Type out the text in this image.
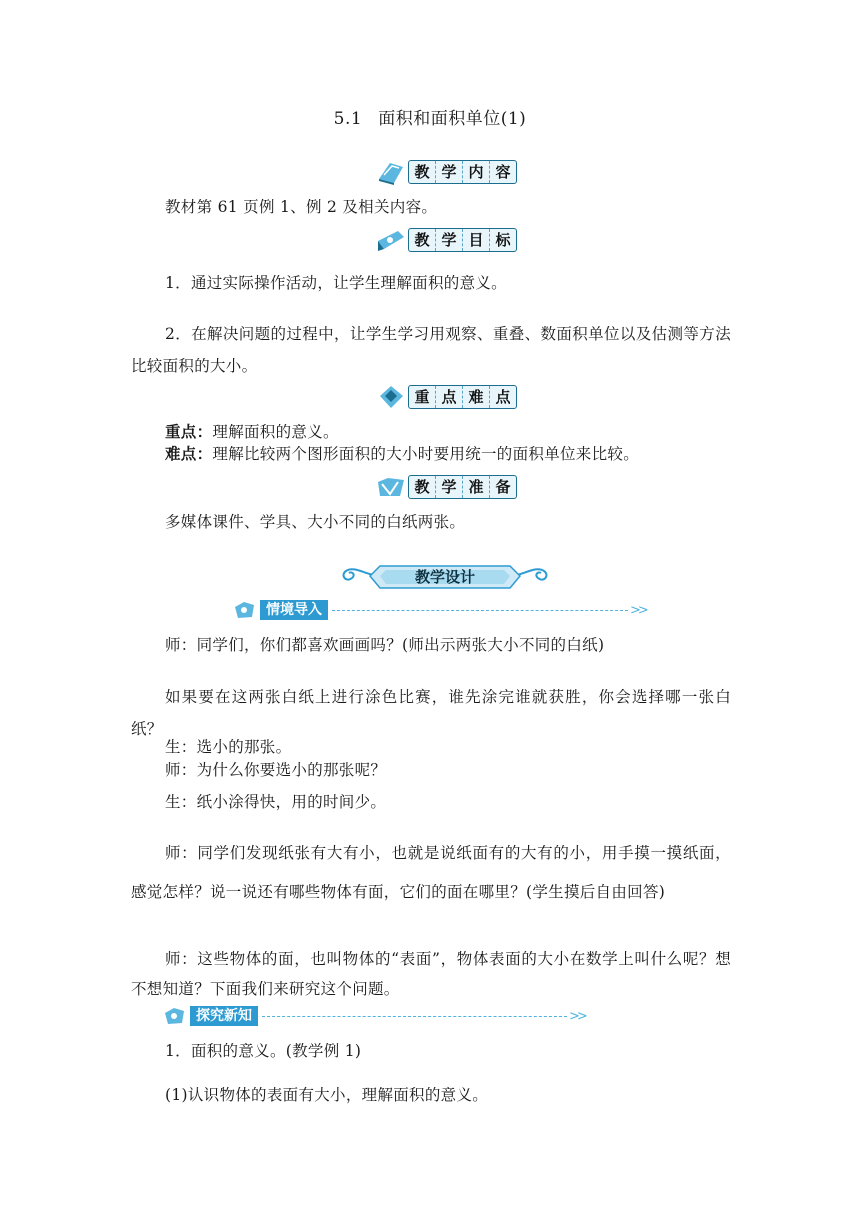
5.1 面积和面积单位(1)
教 学 内 容
教材第 61 页例 1、例 2 及相关内容。
教 学 目 标
1．通过实际操作活动，让学生理解面积的意义。
2．在解决问题的过程中，让学生学习用观察、重叠、数面积单位以及估测等方法比较面积的大小。
重 点 难 点
重点：理解面积的意义。
难点：理解比较两个图形面积的大小时要用统一的面积单位来比较。
教 学 准 备
多媒体课件、学具、大小不同的白纸两张。
教学设计
情境导入	>>
师：同学们，你们都喜欢画画吗？(师出示两张大小不同的白纸)
如果要在这两张白纸上进行涂色比赛，谁先涂完谁就获胜，你会选择哪一张白纸？
生：选小的那张。
师：为什么你要选小的那张呢？
生：纸小涂得快，用的时间少。
师：同学们发现纸张有大有小，也就是说纸面有的大有的小，用手摸一摸纸面，感觉怎样？说一说还有哪些物体有面，它们的面在哪里？(学生摸后自由回答)
师：这些物体的面，也叫物体的“表面”，物体表面的大小在数学上叫什么呢？想不想知道？下面我们来研究这个问题。
探究新知	>>
1．面积的意义。(教学例 1)
(1)认识物体的表面有大小，理解面积的意义。
